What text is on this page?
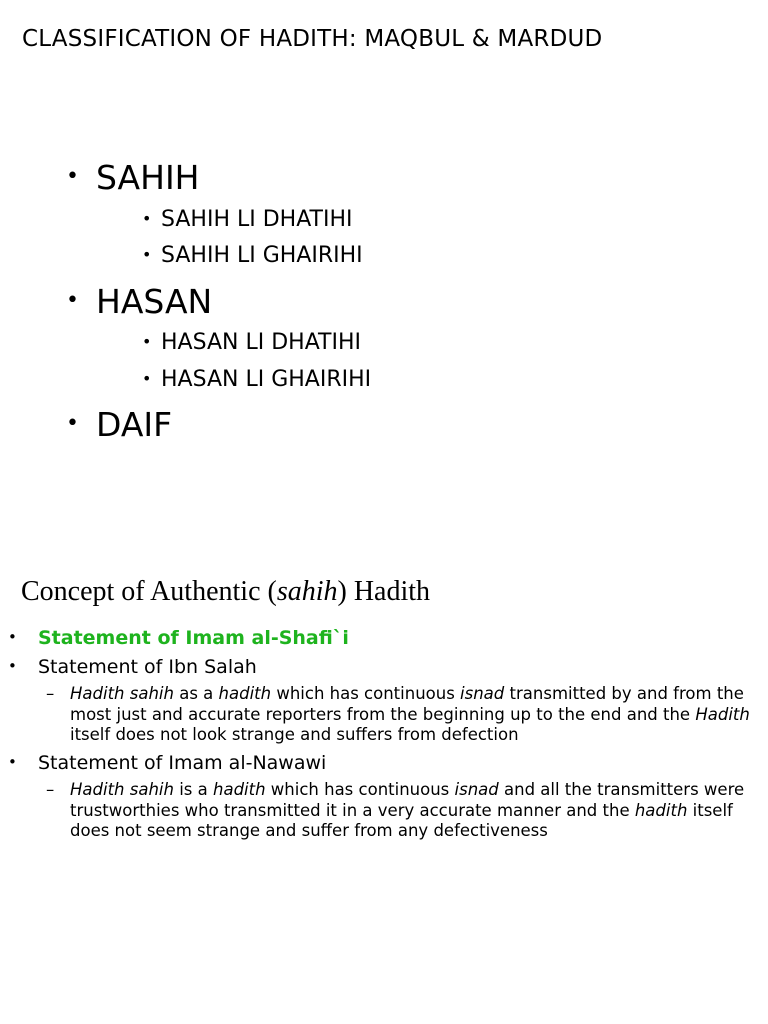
CLASSIFICATION OF HADITH: MAQBUL & MARDUD
• SAHIH
• SAHIH LI DHATIHI
• SAHIH LI GHAIRIHI
• HASAN
• HASAN LI DHATIHI
• HASAN LI GHAIRIHI
• DAIF
Concept of Authentic (sahih) Hadith
• Statement of Imam al-Shafi`i
• Statement of Ibn Salah
– Hadith sahih as a hadith which has continuous isnad transmitted by and from the most just and accurate reporters from the beginning up to the end and the Hadith itself does not look strange and suffers from defection
• Statement of Imam al-Nawawi
– Hadith sahih is a hadith which has continuous isnad and all the transmitters were trustworthies who transmitted it in a very accurate manner and the hadith itself does not seem strange and suffer from any defectiveness
